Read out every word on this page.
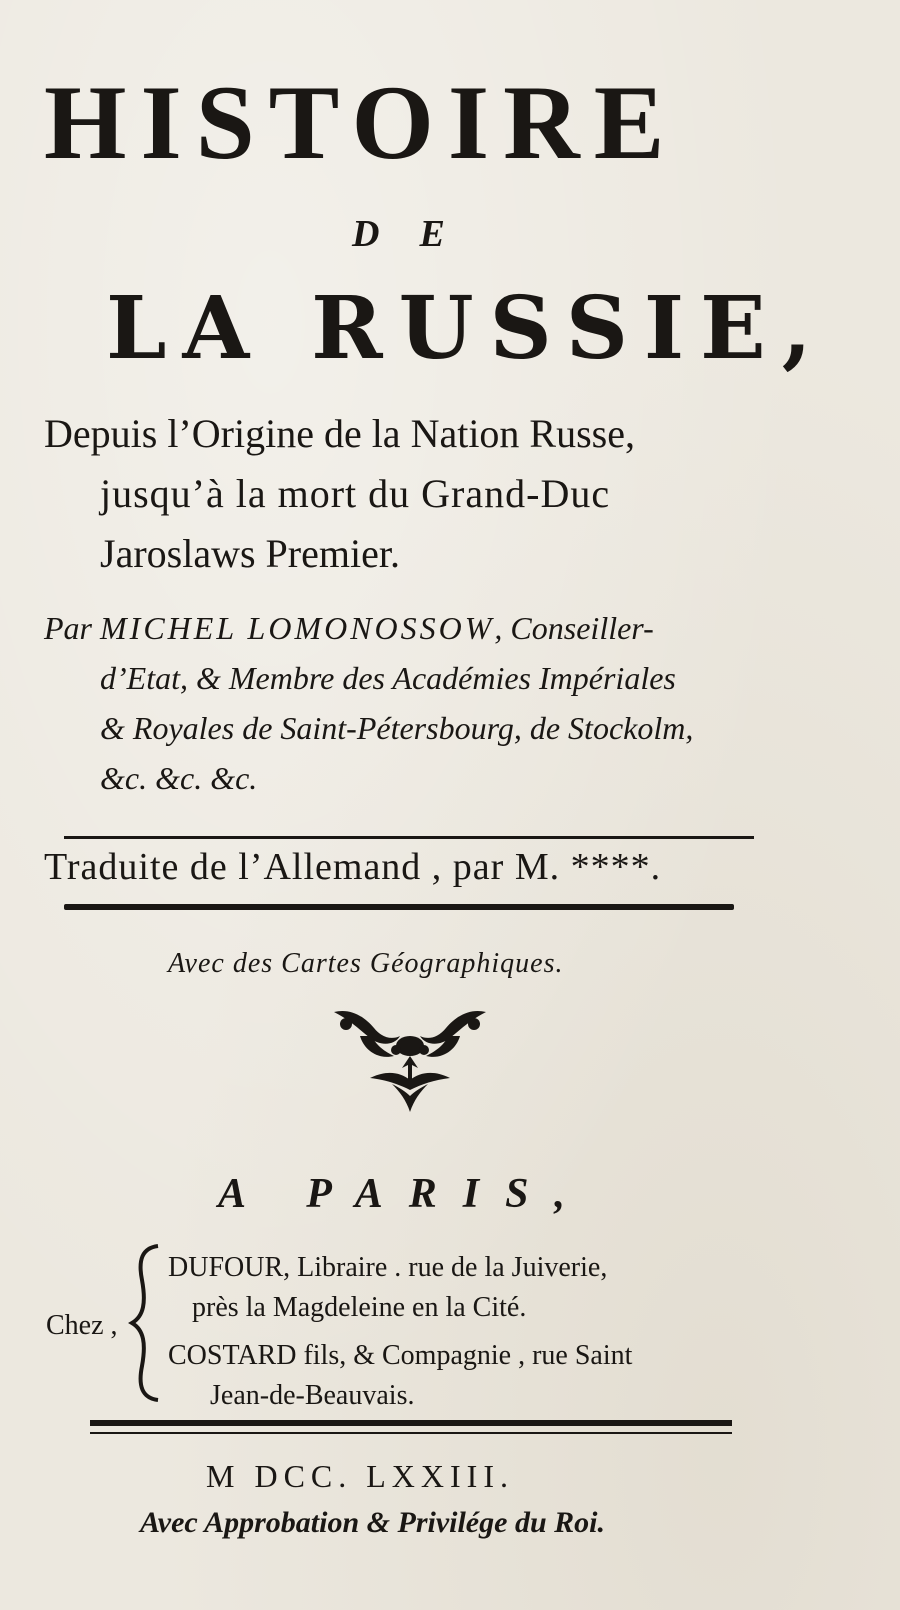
HISTOIRE
DE
LA RUSSIE,
Depuis l’Origine de la Nation Russe,
jusqu’à la mort du Grand-Duc
Jaroslaws Premier.
Par MICHEL LOMONOSSOW, Conseiller-
d’Etat, & Membre des Académies Impériales
& Royales de Saint-Pétersbourg, de Stockolm,
&c. &c. &c.
Traduite de l’Allemand , par M. ****.
Avec des Cartes Géographiques.
A PARIS,
Chez ,
DUFOUR, Libraire . rue de la Juiverie,
près la Magdeleine en la Cité.
COSTARD fils, & Compagnie , rue Saint
Jean-de-Beauvais.
M DCC. LXXIII.
Avec Approbation & Privilége du Roi.
